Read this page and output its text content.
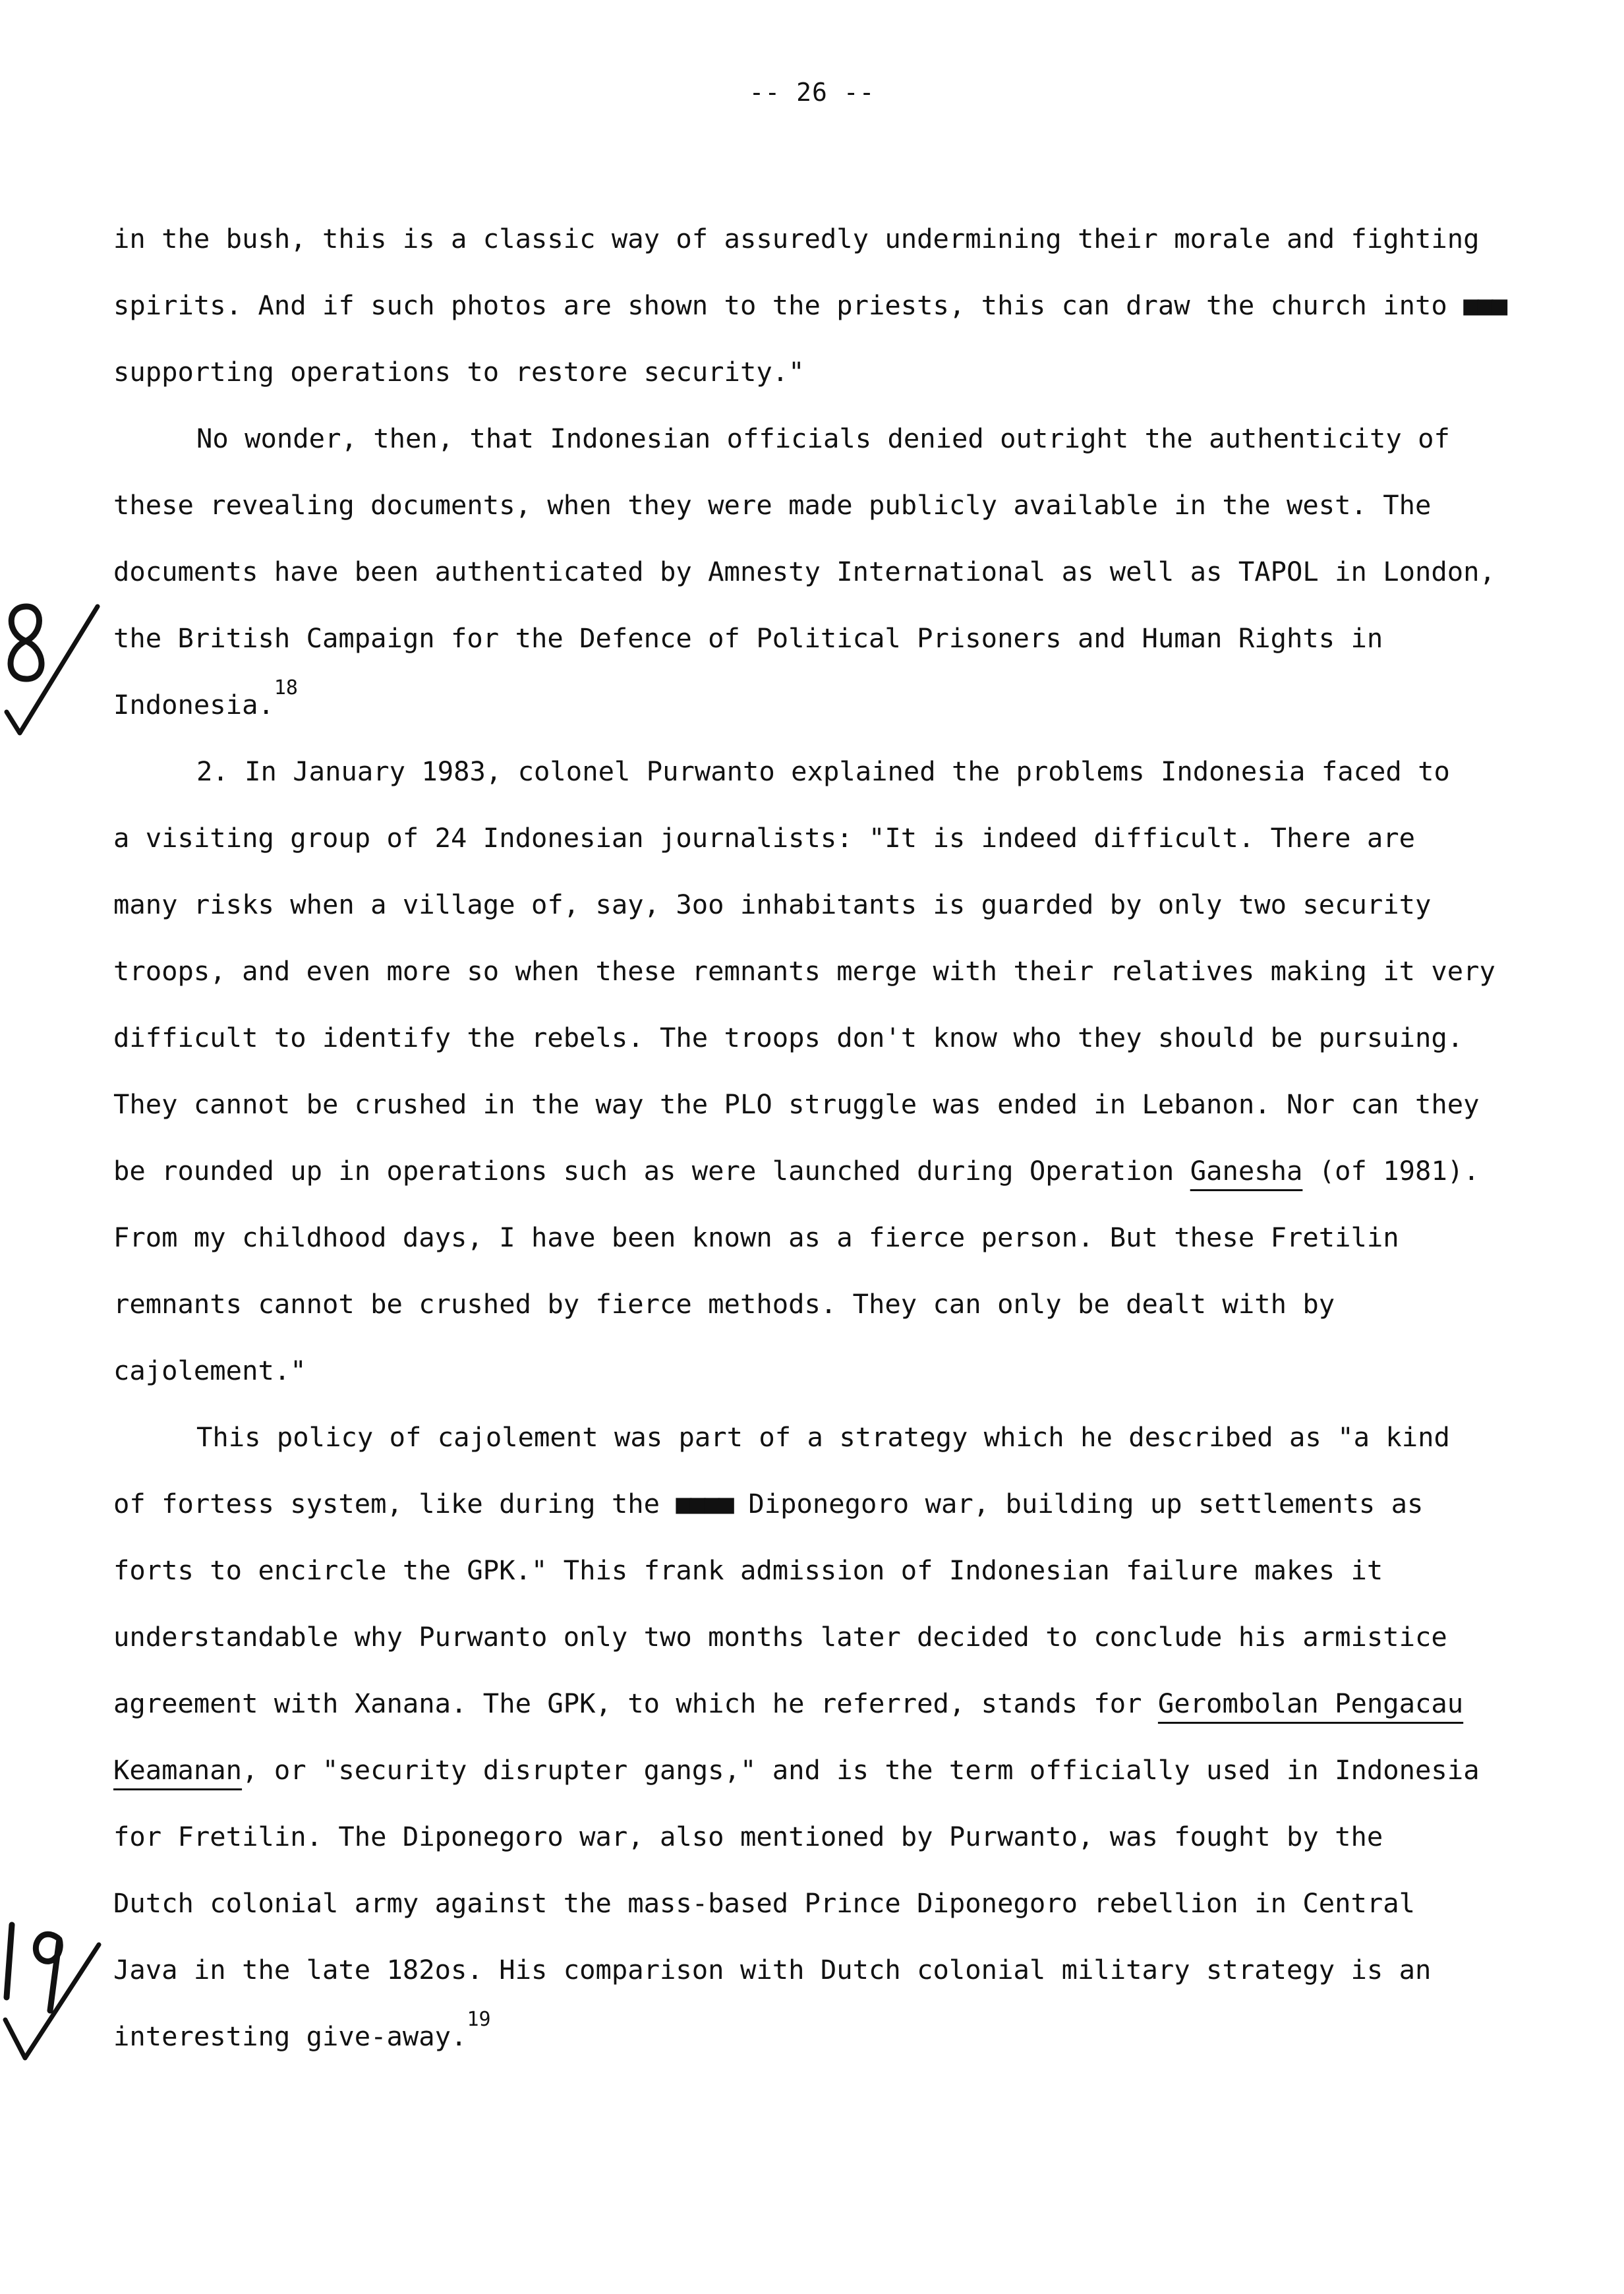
-- 26 --

in the bush, this is a classic way of assuredly undermining their morale and fighting
spirits. And if such photos are shown to the priests, this can draw the church into ■■■
supporting operations to restore security."

No wonder, then, that Indonesian officials denied outright the authenticity of
these revealing documents, when they were made publicly available in the west. The
documents have been authenticated by Amnesty International as well as TAPOL in London,
the British Campaign for the Defence of Political Prisoners and Human Rights in
Indonesia.$^{18}$

2. In January 1983, colonel Purwanto explained the problems Indonesia faced to
a visiting group of 24 Indonesian journalists: "It is indeed difficult. There are
many risks when a village of, say, 3oo inhabitants is guarded by only two security
troops, and even more so when these remnants merge with their relatives making it very
difficult to identify the rebels. The troops don't know who they should be pursuing.
They cannot be crushed in the way the PLO struggle was ended in Lebanon. Nor can they
be rounded up in operations such as were launched during Operation Ganesha (of 1981).
From my childhood days, I have been known as a fierce person. But these Fretilin
remnants cannot be crushed by fierce methods. They can only be dealt with by
cajolement."

This policy of cajolement was part of a strategy which he described as "a kind
of fortess system, like during the ■■■■ Diponegoro war, building up settlements as
forts to encircle the GPK." This frank admission of Indonesian failure makes it
understandable why Purwanto only two months later decided to conclude his armistice
agreement with Xanana. The GPK, to which he referred, stands for Gerombolan Pengacau
Keamanan, or "security disrupter gangs," and is the term officially used in Indonesia
for Fretilin. The Diponegoro war, also mentioned by Purwanto, was fought by the
Dutch colonial army against the mass-based Prince Diponegoro rebellion in Central
Java in the late 182os. His comparison with Dutch colonial military strategy is an
interesting give-away.$^{19}$
